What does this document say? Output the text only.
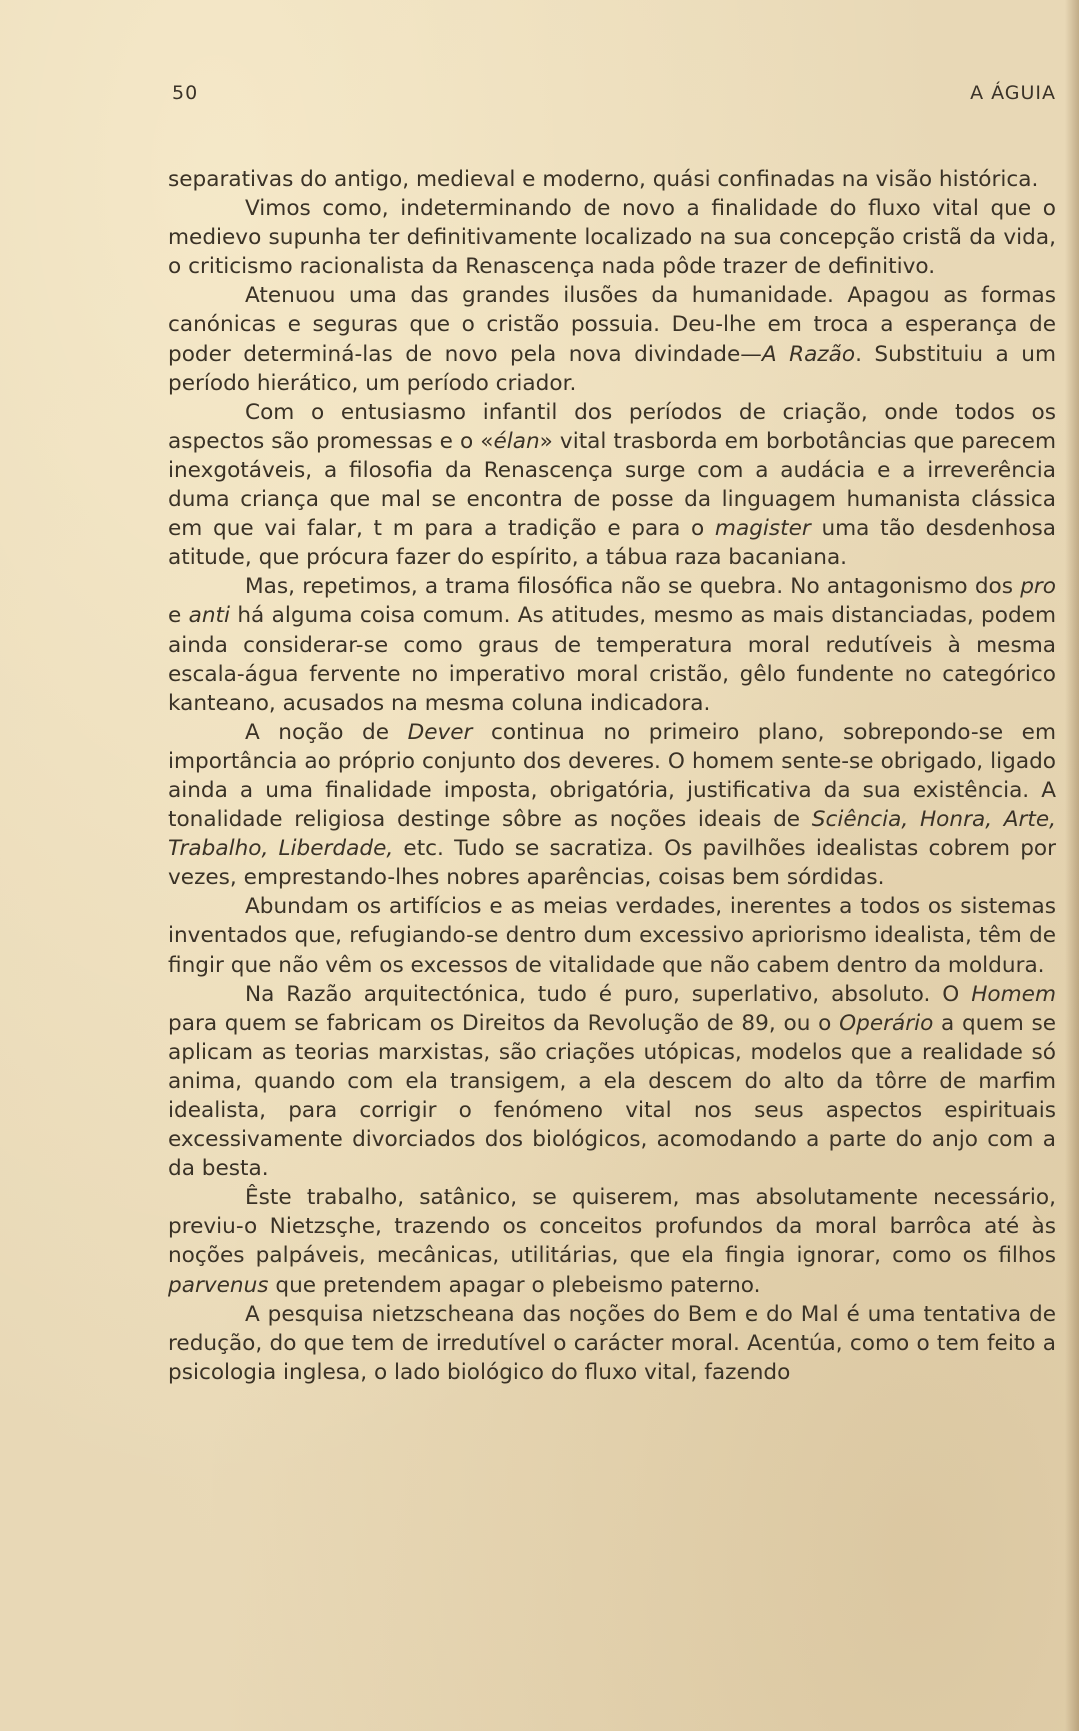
50	A ÁGUIA

separativas do antigo, medieval e moderno, quási confinadas na visão histórica.

Vimos como, indeterminando de novo a finalidade do fluxo vital que o medievo supunha ter definitivamente localizado na sua concepção cristã da vida, o criticismo racionalista da Renascença nada pôde trazer de definitivo.

Atenuou uma das grandes ilusões da humanidade. Apagou as formas canónicas e seguras que o cristão possuia. Deu-lhe em troca a esperança de poder determiná-las de novo pela nova divindade—A Razão. Substituiu a um período hierático, um período criador.

Com o entusiasmo infantil dos períodos de criação, onde todos os aspectos são promessas e o «élan» vital trasborda em borbotâncias que parecem inexgotáveis, a filosofia da Renascença surge com a audácia e a irreverência duma criança que mal se encontra de posse da linguagem humanista clássica em que vai falar, t m para a tradição e para o magister uma tão desdenhosa atitude, que prócura fazer do espírito, a tábua raza bacaniana.

Mas, repetimos, a trama filosófica não se quebra. No antagonismo dos pro e anti há alguma coisa comum. As atitudes, mesmo as mais distanciadas, podem ainda considerar-se como graus de temperatura moral redutíveis à mesma escala-água fervente no imperativo moral cristão, gêlo fundente no categórico kanteano, acusados na mesma coluna indicadora.

A noção de Dever continua no primeiro plano, sobrepondo-se em importância ao próprio conjunto dos deveres. O homem sente-se obrigado, ligado ainda a uma finalidade imposta, obrigatória, justificativa da sua existência. A tonalidade religiosa destinge sôbre as noções ideais de Sciência, Honra, Arte, Trabalho, Liberdade, etc. Tudo se sacratiza. Os pavilhões idealistas cobrem por vezes, emprestando-lhes nobres aparências, coisas bem sórdidas.

Abundam os artifícios e as meias verdades, inerentes a todos os sistemas inventados que, refugiando-se dentro dum excessivo apriorismo idealista, têm de fingir que não vêm os excessos de vitalidade que não cabem dentro da moldura.

Na Razão arquitectónica, tudo é puro, superlativo, absoluto. O Homem para quem se fabricam os Direitos da Revolução de 89, ou o Operário a quem se aplicam as teorias marxistas, são criações utópicas, modelos que a realidade só anima, quando com ela transigem, a ela descem do alto da tôrre de marfim idealista, para corrigir o fenómeno vital nos seus aspectos espirituais excessivamente divorciados dos biológicos, acomodando a parte do anjo com a da besta.

Êste trabalho, satânico, se quiserem, mas absolutamente necessário, previu-o Nietzsçhe, trazendo os conceitos profundos da moral barrôca até às noções palpáveis, mecânicas, utilitárias, que ela fingia ignorar, como os filhos parvenus que pretendem apagar o plebeismo paterno.

A pesquisa nietzscheana das noções do Bem e do Mal é uma tentativa de redução, do que tem de irredutível o carácter moral. Acentúa, como o tem feito a psicologia inglesa, o lado biológico do fluxo vital, fazendo
